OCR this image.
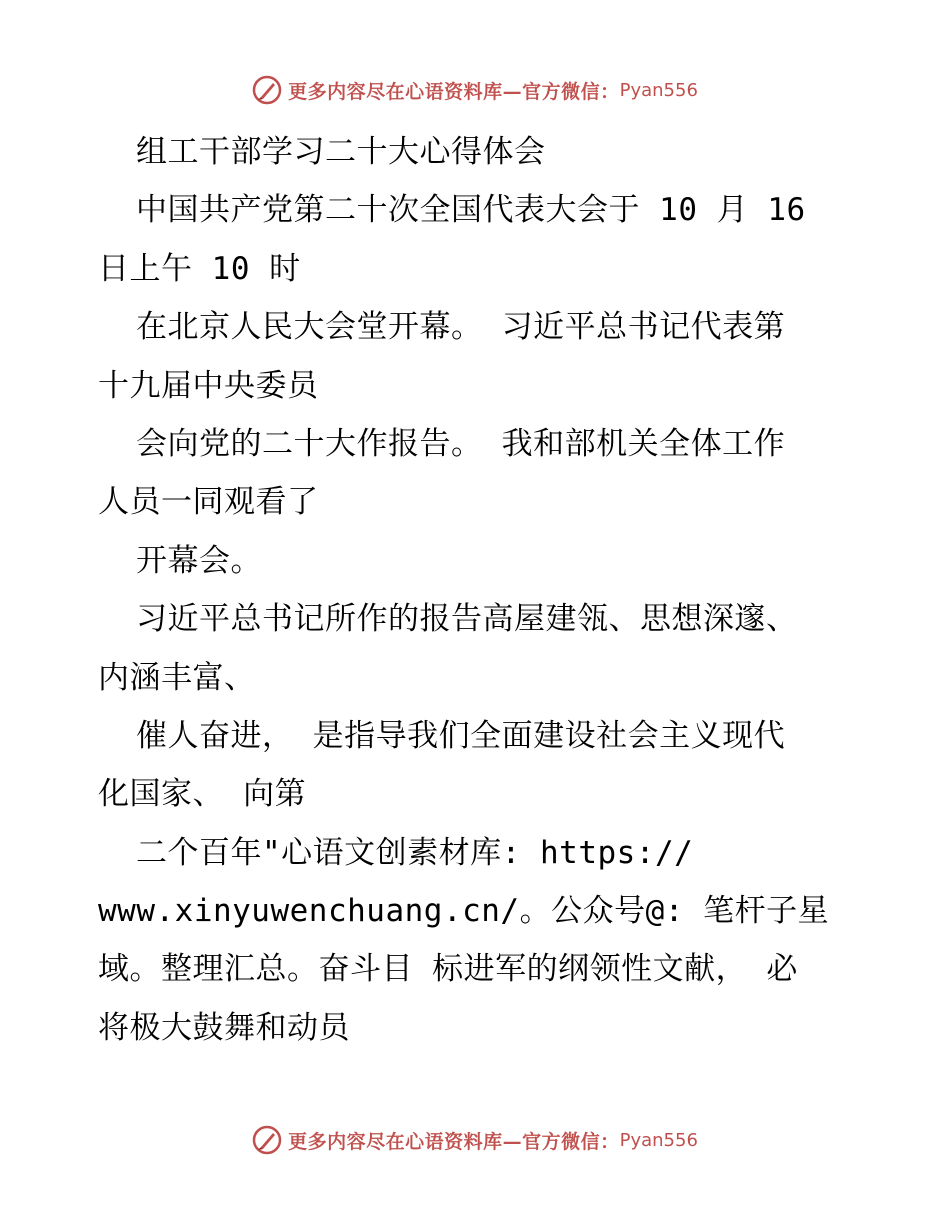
更多内容尽在心语资料库—官方微信： Pyan556
组工干部学习二十大心得体会
中国共产党第二十次全国代表大会于 10 月 16
日上午 10 时
在北京人民大会堂开幕。 习近平总书记代表第
十九届中央委员
会向党的二十大作报告。 我和部机关全体工作
人员一同观看了
开幕会。
习近平总书记所作的报告高屋建瓴、思想深邃、
内涵丰富、
催人奋进， 是指导我们全面建设社会主义现代
化国家、 向第
二个百年"心语文创素材库: https://
www.xinyuwenchuang.cn/。公众号@: 笔杆子星
域。整理汇总。奋斗目 标进军的纲领性文献， 必
将极大鼓舞和动员
更多内容尽在心语资料库—官方微信： Pyan556
